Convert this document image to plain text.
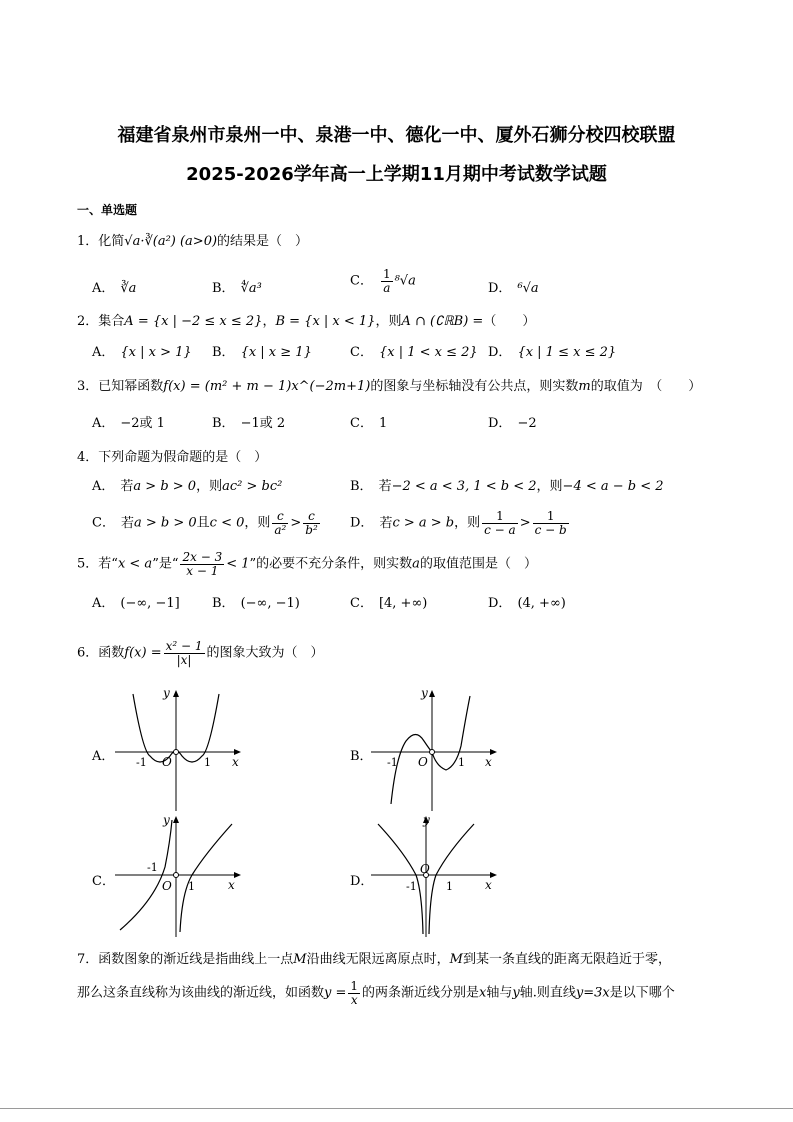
福建省泉州市泉州一中、泉港一中、德化一中、厦外石狮分校四校联盟
2025-2026学年高一上学期11月期中考试数学试题
一、单选题
1．化简√a·∛(a²) (a>0)的结果是（　）
A． ∛a	B． ∜a³	C． $\frac{1}{a} ^8√a$	D． ⁶√a
2．集合A = {x | −2 ≤ x ≤ 2}，B = {x | x < 1}，则A ∩ (∁ℝB) =（　　）
A． {x | x > 1} B． {x | x ≥ 1}	C． {x | 1 < x ≤ 2} D． {x | 1 ≤ x ≤ 2}
3．已知幂函数f(x) = (m² + m − 1)x^(−2m+1)的图象与坐标轴没有公共点，则实数m的取值为　（　　）
A． −2或 1	B． −1或 2	C． 1	D． −2
4．下列命题为假命题的是（　）
A． 若a > b > 0，则ac² > bc²	B． 若−2 < a < 3, 1 < b < 2，则−4 < a − b < 2
C． 若a > b > 0且c < 0，则 $\frac{c}{\text{a²}} > \frac{c}{\text{b²}}$ D． 若c > a > b，则 $\frac{1}{c - a} > \frac{1}{c - b}$
5．若“x < a”是“ $\frac{2x - 3}{x - 1} < 1$”的必要不充分条件，则实数a的取值范围是（　）
A． (−∞, −1] B． (−∞, −1)	C． [4, +∞)	D． (4, +∞)
6．函数$f(x) = \frac{\text{x² − 1}}{|x|}$ 的图象大致为（　）
A．	B．
C．	D．
y
x
O
-1	1
y
x
O
-1	1
y
x
O
-1
1
y
x
O
-1	1
7．函数图象的渐近线是指曲线上一点M沿曲线无限远离原点时，M到某一条直线的距离无限趋近于零，
那么这条直线称为该曲线的渐近线，如函数$y = \frac{1}{x}$ 的两条渐近线分别是x轴与y轴.则直线y=3x是以下哪个
